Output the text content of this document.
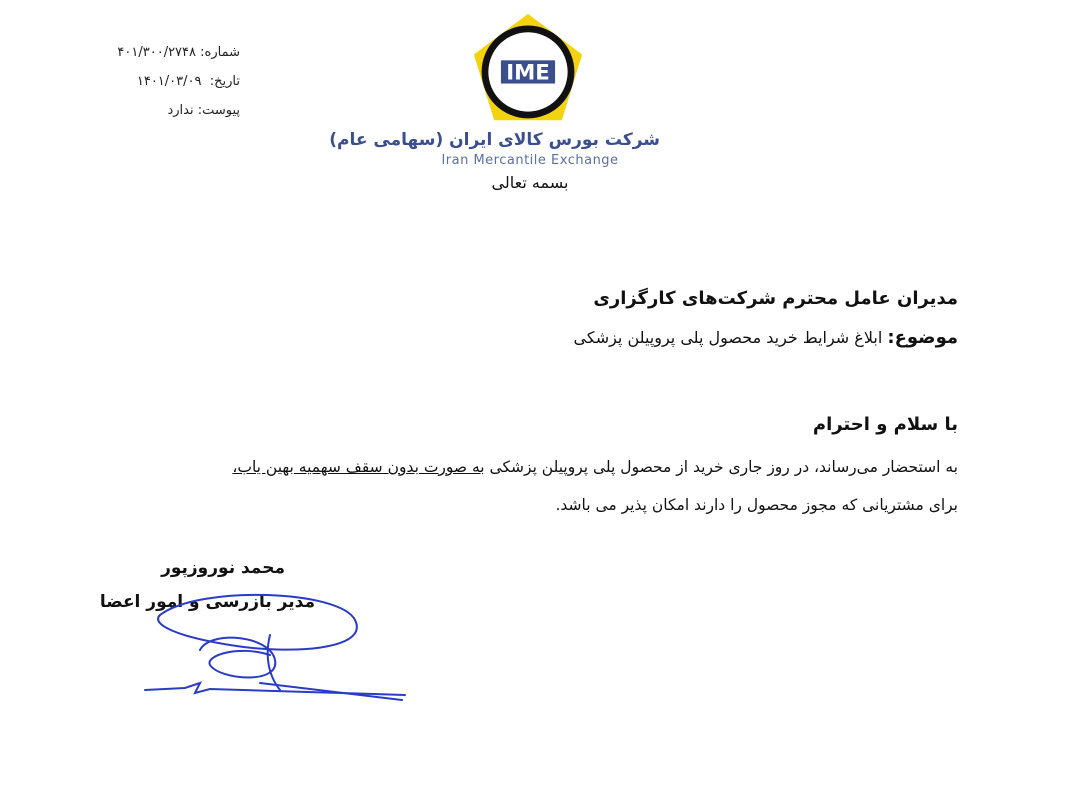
شماره: ۴۰۱/۳۰۰/۲۷۴۸
تاریخ:  ۱۴۰۱/۰۳/۰۹
پیوست: ندارد
IME
شرکت بورس کالای ایران (سهامی عام)
Iran Mercantile Exchange
بسمه تعالی
مدیران عامل محترم شرکت‌های کارگزاری
موضوع: ابلاغ شرایط خرید محصول پلی پروپیلن پزشکی
با سلام و احترام
به استحضار می‌رساند، در روز جاری خرید از محصول پلی پروپیلن پزشکی به صورت بدون سقف سهمیه بهین یاب،
برای مشتریانی که مجوز محصول را دارند امکان پذیر می باشد.
محمد نوروزپور
مدیر بازرسی و امور اعضا
